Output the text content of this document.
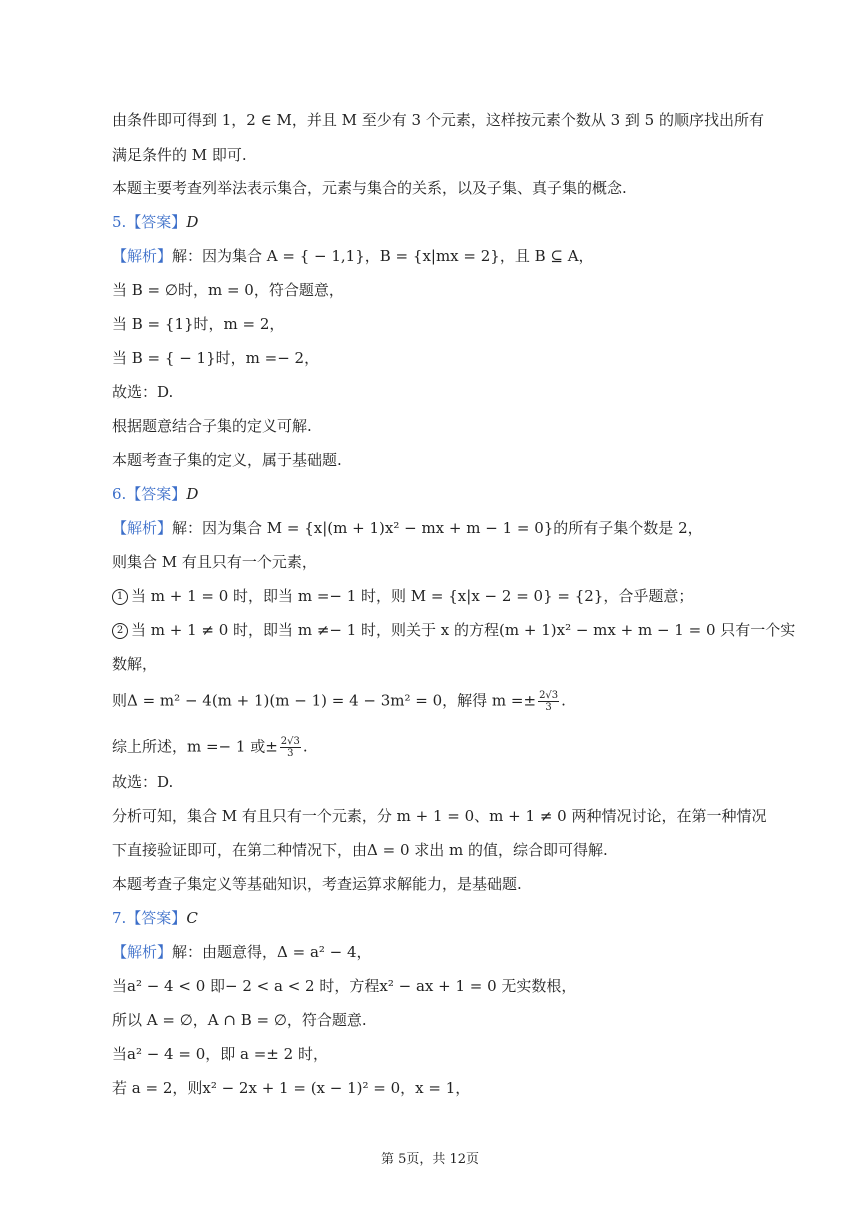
由条件即可得到 1，2 ∈ M，并且 M 至少有 3 个元素，这样按元素个数从 3 到 5 的顺序找出所有
满足条件的 M 即可.
本题主要考查列举法表示集合，元素与集合的关系，以及子集、真子集的概念.
5.【答案】D
【解析】解：因为集合 A = { − 1,1}，B = {x|mx = 2}，且 B ⊆ A，
当 B = ∅时，m = 0，符合题意，
当 B = {1}时，m = 2，
当 B = { − 1}时，m =− 2，
故选：D.
根据题意结合子集的定义可解.
本题考查子集的定义，属于基础题.
6.【答案】D
【解析】解：因为集合 M = {x|(m + 1)x² − mx + m − 1 = 0}的所有子集个数是 2，
则集合 M 有且只有一个元素，
1 当 m + 1 = 0 时，即当 m =− 1 时，则 M = {x|x − 2 = 0} = {2}，合乎题意；
2 当 m + 1 ≠ 0 时，即当 m ≠− 1 时，则关于 x 的方程(m + 1)x² − mx + m − 1 = 0 只有一个实
数解，
则Δ = m² − 4(m + 1)(m − 1) = 4 − 3m² = 0，解得 $m =\pm \frac{2√3}{3}$ .
综上所述，m =− 1 或± $\frac{2√3}{3}$ .
故选：D.
分析可知，集合 M 有且只有一个元素，分 m + 1 = 0、m + 1 ≠ 0 两种情况讨论，在第一种情况
下直接验证即可，在第二种情况下，由Δ = 0 求出 m 的值，综合即可得解.
本题考查子集定义等基础知识，考查运算求解能力，是基础题.
7.【答案】C
【解析】解：由题意得，Δ = a² − 4，
当a² − 4 < 0 即− 2 < a < 2 时，方程x² − ax + 1 = 0 无实数根，
所以 A = ∅，A ∩ B = ∅，符合题意.
当a² − 4 = 0，即 a =± 2 时，
若 a = 2，则x² − 2x + 1 = (x − 1)² = 0，x = 1，
第 5页，共 12页
